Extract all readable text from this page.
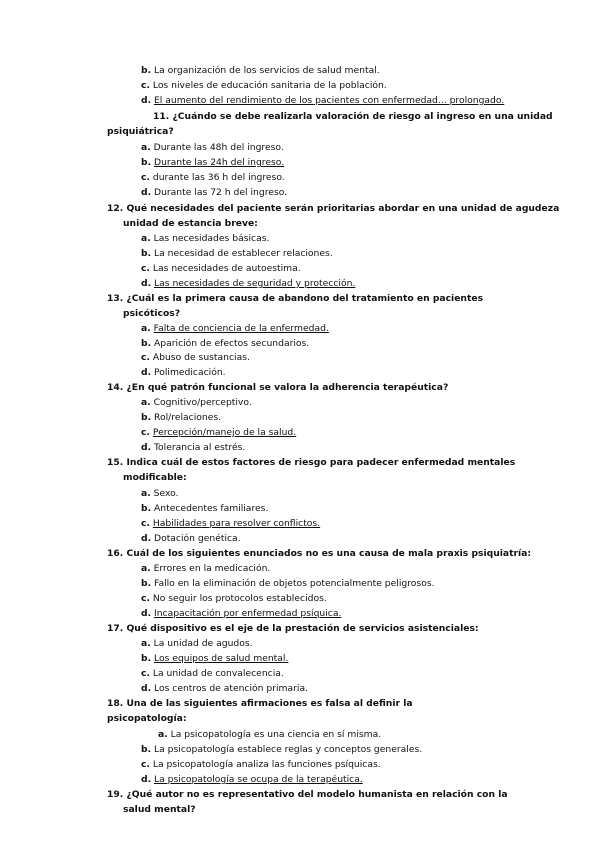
b. La organización de los servicios de salud mental.
c. Los niveles de educación sanitaria de la población.
d. El aumento del rendimiento de los pacientes con enfermedad... prolongado.
11. ¿Cuándo se debe realizarla valoración de riesgo al ingreso en una unidad
psiquiátrica?
a. Durante las 48h del ingreso.
b. Durante las 24h del ingreso.
c. durante las 36 h del ingreso.
d. Durante las 72 h del ingreso.
12. Qué necesidades del paciente serán prioritarias abordar en una unidad de agudeza
unidad de estancia breve:
a. Las necesidades básicas.
b. La necesidad de establecer relaciones.
c. Las necesidades de autoestima.
d. Las necesidades de seguridad y protección.
13. ¿Cuál es la primera causa de abandono del tratamiento en pacientes
psicóticos?
a. Falta de conciencia de la enfermedad.
b. Aparición de efectos secundarios.
c. Abuso de sustancias.
d. Polimedicación.
14. ¿En qué patrón funcional se valora la adherencia terapéutica?
a. Cognitivo/perceptivo.
b. Rol/relaciones.
c. Percepción/manejo de la salud.
d. Tolerancia al estrés.
15. Indica cuál de estos factores de riesgo para padecer enfermedad mentales
modificable:
a. Sexo.
b. Antecedentes familiares.
c. Habilidades para resolver conflictos.
d. Dotación genética.
16. Cuál de los siguientes enunciados no es una causa de mala praxis psiquiatría:
a. Errores en la medicación.
b. Fallo en la eliminación de objetos potencialmente peligrosos.
c. No seguir los protocolos establecidos.
d. Incapacitación por enfermedad psíquica.
17. Qué dispositivo es el eje de la prestación de servicios asistenciales:
a. La unidad de agudos.
b. Los equipos de salud mental.
c. La unidad de convalecencia.
d. Los centros de atención primaria.
18. Una de las siguientes afirmaciones es falsa al definir la
psicopatología:
a. La psicopatología es una ciencia en sí misma.
b. La psicopatología establece reglas y conceptos generales.
c. La psicopatología analiza las funciones psíquicas.
d. La psicopatología se ocupa de la terapéutica.
19. ¿Qué autor no es representativo del modelo humanista en relación con la
salud mental?
